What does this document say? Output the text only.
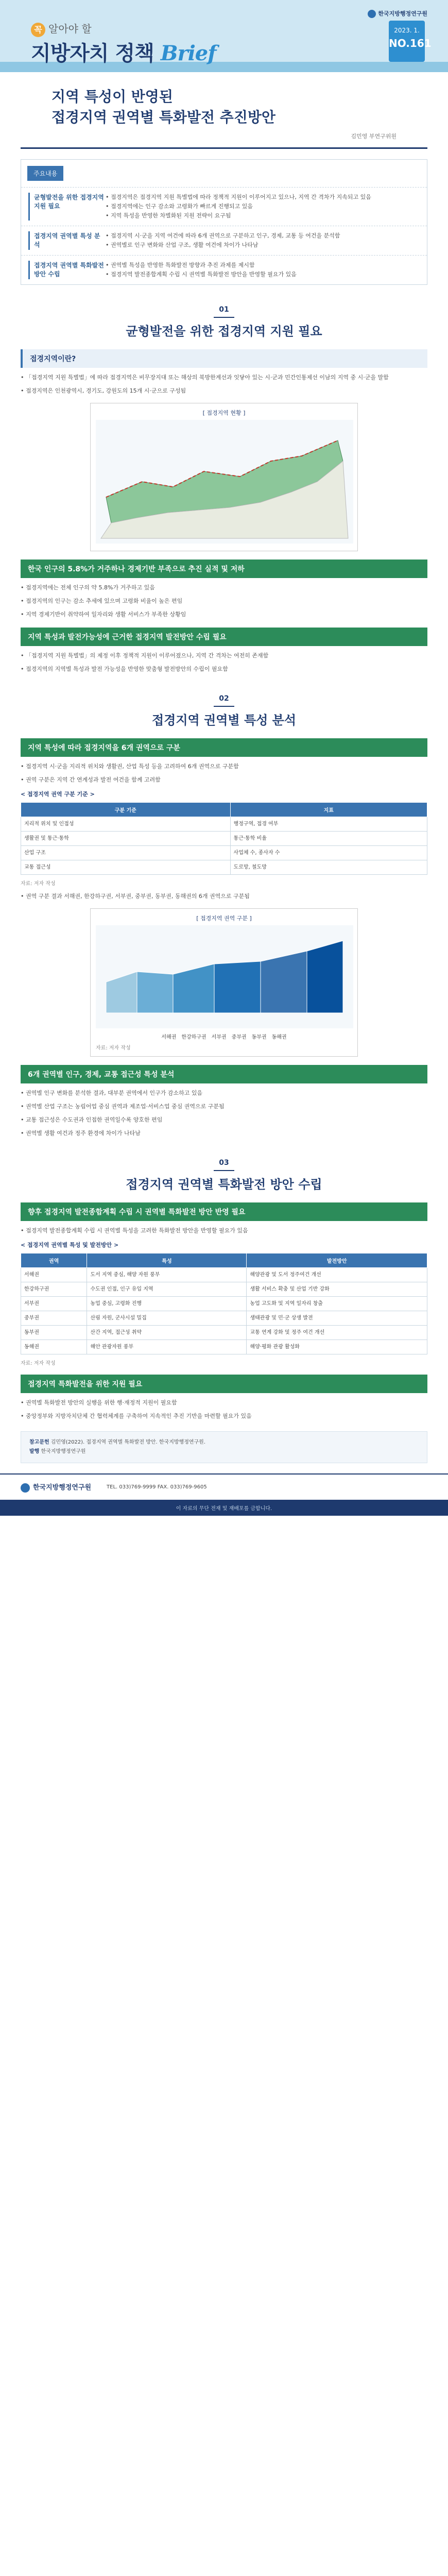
꼭 알아야 할
지방자치 정책 Brief
한국지방행정연구원
2023. 1.
NO.161
지역 특성이 반영된
접경지역 권역별 특화발전 추진방안
김민영 부연구위원
주요내용
균형발전을 위한 접경지역 지원 필요
• 접경지역은 접경지역 지원 특별법에 따라 정책적 지원이 이루어지고 있으나, 지역 간 격차가 지속되고 있음
• 접경지역에는 인구 감소와 고령화가 빠르게 진행되고 있음
• 지역 특성을 반영한 차별화된 지원 전략이 요구됨
접경지역 권역별 특성 분석
• 접경지역 시·군을 지역 여건에 따라 6개 권역으로 구분하고 인구, 경제, 교통 등 여건을 분석함
• 권역별로 인구 변화와 산업 구조, 생활 여건에 차이가 나타남
접경지역 권역별 특화발전 방안 수립
• 권역별 특성을 반영한 특화발전 방향과 추진 과제를 제시함
• 접경지역 발전종합계획 수립 시 권역별 특화발전 방안을 반영할 필요가 있음
01
균형발전을 위한 접경지역 지원 필요
접경지역이란?

• 「접경지역 지원 특별법」에 따라 접경지역은 비무장지대 또는 해상의 북방한계선과 잇닿아 있는 시·군과 민간인통제선 이남의 지역 중 시·군을 말함

• 접경지역은 인천광역시, 경기도, 강원도의 15개 시·군으로 구성됨

[ 접경지역 현황 ]
한국 인구의 5.8%가 거주하나 경제기반 부족으로 추진 실적 및 저하

• 접경지역에는 전체 인구의 약 5.8%가 거주하고 있음

• 접경지역의 인구는 감소 추세에 있으며 고령화 비율이 높은 편임

• 지역 경제기반이 취약하여 일자리와 생활 서비스가 부족한 상황임

지역 특성과 발전가능성에 근거한 접경지역 발전방안 수립 필요

• 「접경지역 지원 특별법」의 제정 이후 정책적 지원이 이루어졌으나, 지역 간 격차는 여전히 존재함

• 접경지역의 지역별 특성과 발전 가능성을 반영한 맞춤형 발전방안의 수립이 필요함

02
접경지역 권역별 특성 분석
지역 특성에 따라 접경지역을 6개 권역으로 구분

• 접경지역 시·군을 지리적 위치와 생활권, 산업 특성 등을 고려하여 6개 권역으로 구분함

• 권역 구분은 지역 간 연계성과 발전 여건을 함께 고려함

< 접경지역 권역 구분 기준 >
구분 기준	지표
지리적 위치 및 인접성	행정구역, 접경 여부
생활권 및 통근·통학	통근·통학 비율
산업 구조	사업체 수, 종사자 수
교통 접근성	도로망, 철도망
자료: 저자 작성

• 권역 구분 결과 서해권, 한강하구권, 서부권, 중부권, 동부권, 동해권의 6개 권역으로 구분됨

[ 접경지역 권역 구분 ]
서해권 한강하구권 서부권 중부권 동부권 동해권
자료: 저자 작성
6개 권역별 인구, 경제, 교통 접근성 특성 분석

• 권역별 인구 변화를 분석한 결과, 대부분 권역에서 인구가 감소하고 있음

• 권역별 산업 구조는 농림어업 중심 권역과 제조업·서비스업 중심 권역으로 구분됨

• 교통 접근성은 수도권과 인접한 권역일수록 양호한 편임

• 권역별 생활 여건과 정주 환경에 차이가 나타남

03
접경지역 권역별 특화발전 방안 수립
향후 접경지역 발전종합계획 수립 시 권역별 특화발전 방안 반영 필요

• 접경지역 발전종합계획 수립 시 권역별 특성을 고려한 특화발전 방안을 반영할 필요가 있음

< 접경지역 권역별 특성 및 발전방안 >
권역	특성	발전방안
서해권	도서 지역 중심, 해양 자원 풍부	해양관광 및 도서 정주여건 개선
한강하구권	수도권 인접, 인구 유입 지역	생활 서비스 확충 및 산업 기반 강화
서부권	농업 중심, 고령화 진행	농업 고도화 및 지역 일자리 창출
중부권	산림 자원, 군사시설 밀집	생태관광 및 민·군 상생 발전
동부권	산간 지역, 접근성 취약	교통 연계 강화 및 정주 여건 개선
동해권	해안 관광자원 풍부	해양·평화 관광 활성화
자료: 저자 작성
접경지역 특화발전을 위한 지원 필요

• 권역별 특화발전 방안의 실행을 위한 행·재정적 지원이 필요함

• 중앙정부와 지방자치단체 간 협력체계를 구축하여 지속적인 추진 기반을 마련할 필요가 있음

참고문헌 김민영(2022). 접경지역 권역별 특화발전 방안. 한국지방행정연구원.
발행 한국지방행정연구원
한국지방행정연구원	TEL. 033)769-9999 FAX. 033)769-9605
이 자료의 무단 전재 및 재배포를 금합니다.
